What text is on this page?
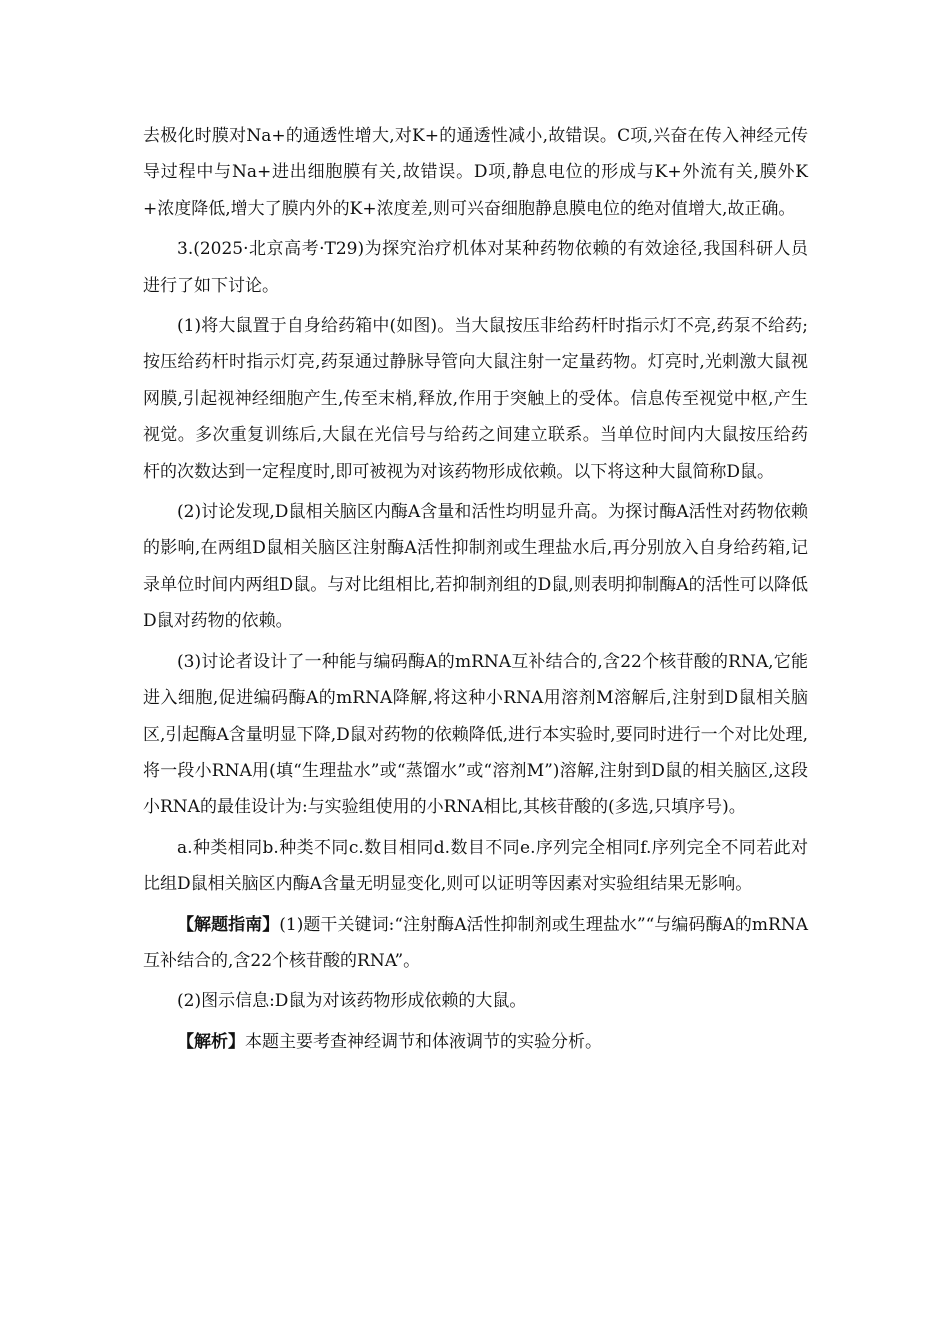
去极化时膜对Na+的通透性增大,对K+的通透性减小,故错误。C项,兴奋在传入神经元传导过程中与Na+进出细胞膜有关,故错误。D项,静息电位的形成与K+外流有关,膜外K+浓度降低,增大了膜内外的K+浓度差,则可兴奋细胞静息膜电位的绝对值增大,故正确。

3.(2025·北京高考·T29)为探究治疗机体对某种药物依赖的有效途径,我国科研人员进行了如下讨论。

(1)将大鼠置于自身给药箱中(如图)。当大鼠按压非给药杆时指示灯不亮,药泵不给药;按压给药杆时指示灯亮,药泵通过静脉导管向大鼠注射一定量药物。灯亮时,光刺激大鼠视网膜,引起视神经细胞产生,传至末梢,释放,作用于突触上的受体。信息传至视觉中枢,产生视觉。多次重复训练后,大鼠在光信号与给药之间建立联系。当单位时间内大鼠按压给药杆的次数达到一定程度时,即可被视为对该药物形成依赖。以下将这种大鼠简称D鼠。

(2)讨论发现,D鼠相关脑区内酶A含量和活性均明显升高。为探讨酶A活性对药物依赖的影响,在两组D鼠相关脑区注射酶A活性抑制剂或生理盐水后,再分别放入自身给药箱,记录单位时间内两组D鼠。与对比组相比,若抑制剂组的D鼠,则表明抑制酶A的活性可以降低D鼠对药物的依赖。

(3)讨论者设计了一种能与编码酶A的mRNA互补结合的,含22个核苷酸的RNA,它能进入细胞,促进编码酶A的mRNA降解,将这种小RNA用溶剂M溶解后,注射到D鼠相关脑区,引起酶A含量明显下降,D鼠对药物的依赖降低,进行本实验时,要同时进行一个对比处理,将一段小RNA用(填“生理盐水”或“蒸馏水”或“溶剂M”)溶解,注射到D鼠的相关脑区,这段小RNA的最佳设计为:与实验组使用的小RNA相比,其核苷酸的(多选,只填序号)。

a.种类相同b.种类不同c.数目相同d.数目不同e.序列完全相同f.序列完全不同若此对比组D鼠相关脑区内酶A含量无明显变化,则可以证明等因素对实验组结果无影响。

【解题指南】(1)题干关键词:“注射酶A活性抑制剂或生理盐水”“与编码酶A的mRNA互补结合的,含22个核苷酸的RNA”。

(2)图示信息:D鼠为对该药物形成依赖的大鼠。

【解析】本题主要考查神经调节和体液调节的实验分析。
